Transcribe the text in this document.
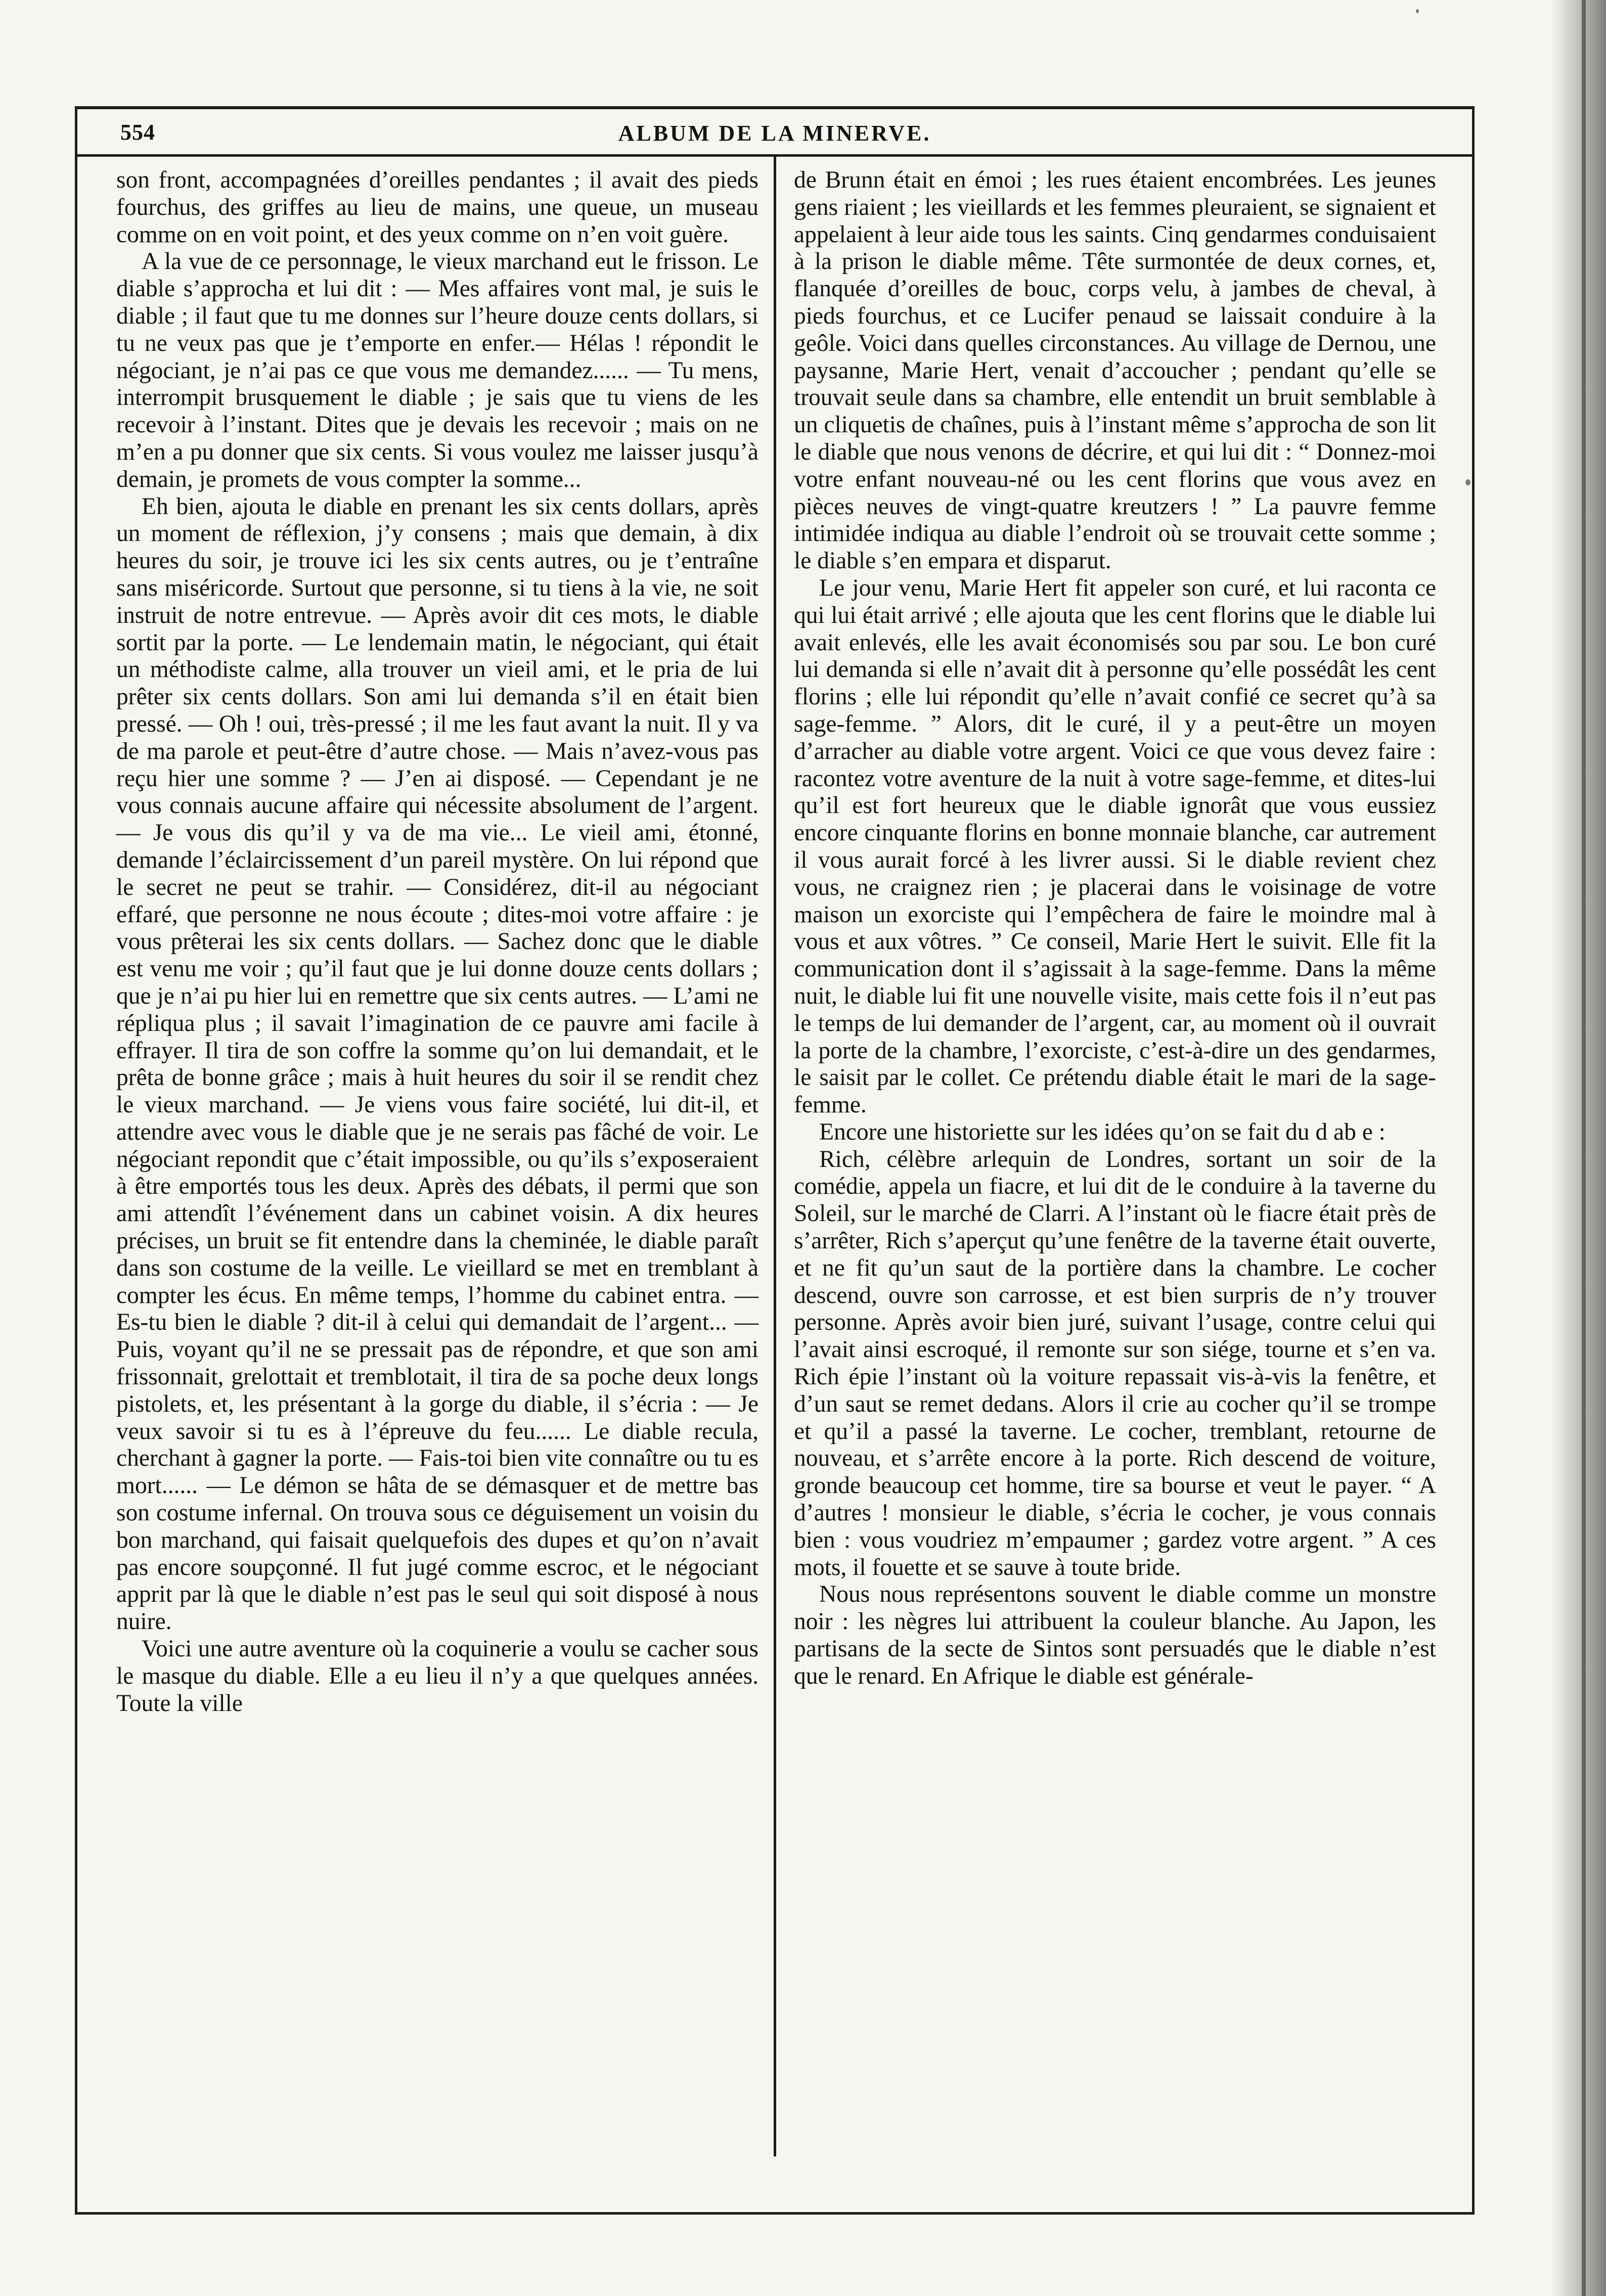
554	ALBUM DE LA MINERVE.

son front, accompagnées d’oreilles pendantes ; il avait des pieds fourchus, des griffes au lieu de mains, une queue, un museau comme on en voit point, et des yeux comme on n’en voit guère.

A la vue de ce personnage, le vieux marchand eut le frisson. Le diable s’approcha et lui dit : — Mes affaires vont mal, je suis le diable ; il faut que tu me donnes sur l’heure douze cents dollars, si tu ne veux pas que je t’emporte en enfer.— Hélas ! répondit le négociant, je n’ai pas ce que vous me demandez...... — Tu mens, interrompit brusquement le diable ; je sais que tu viens de les recevoir à l’instant. Dites que je devais les recevoir ; mais on ne m’en a pu donner que six cents. Si vous voulez me laisser jusqu’à demain, je promets de vous compter la somme...

Eh bien, ajouta le diable en prenant les six cents dollars, après un moment de réflexion, j’y consens ; mais que demain, à dix heures du soir, je trouve ici les six cents autres, ou je t’entraîne sans miséricorde. Surtout que personne, si tu tiens à la vie, ne soit instruit de notre entrevue. — Après avoir dit ces mots, le diable sortit par la porte. — Le lendemain matin, le négociant, qui était un méthodiste calme, alla trouver un vieil ami, et le pria de lui prêter six cents dollars. Son ami lui demanda s’il en était bien pressé. — Oh ! oui, très-pressé ; il me les faut avant la nuit. Il y va de ma parole et peut-être d’autre chose. — Mais n’avez-vous pas reçu hier une somme ? — J’en ai disposé. — Cependant je ne vous connais aucune affaire qui nécessite absolument de l’argent. — Je vous dis qu’il y va de ma vie... Le vieil ami, étonné, demande l’éclaircissement d’un pareil mystère. On lui répond que le secret ne peut se trahir. — Considérez, dit-il au négociant effaré, que personne ne nous écoute ; dites-moi votre affaire : je vous prêterai les six cents dollars. — Sachez donc que le diable est venu me voir ; qu’il faut que je lui donne douze cents dollars ; que je n’ai pu hier lui en remettre que six cents autres. — L’ami ne répliqua plus ; il savait l’imagination de ce pauvre ami facile à effrayer. Il tira de son coffre la somme qu’on lui demandait, et le prêta de bonne grâce ; mais à huit heures du soir il se rendit chez le vieux marchand. — Je viens vous faire société, lui dit-il, et attendre avec vous le diable que je ne serais pas fâché de voir. Le négociant repondit que c’était impossible, ou qu’ils s’exposeraient à être emportés tous les deux. Après des débats, il permi que son ami attendît l’événement dans un cabinet voisin. A dix heures précises, un bruit se fit entendre dans la cheminée, le diable paraît dans son costume de la veille. Le vieillard se met en tremblant à compter les écus. En même temps, l’homme du cabinet entra. — Es-tu bien le diable ? dit-il à celui qui demandait de l’argent... — Puis, voyant qu’il ne se pressait pas de répondre, et que son ami frissonnait, grelottait et tremblotait, il tira de sa poche deux longs pistolets, et, les présentant à la gorge du diable, il s’écria : — Je veux savoir si tu es à l’épreuve du feu...... Le diable recula, cherchant à gagner la porte. — Fais-toi bien vite connaître ou tu es mort...... — Le démon se hâta de se démasquer et de mettre bas son costume infernal. On trouva sous ce déguisement un voisin du bon marchand, qui faisait quelquefois des dupes et qu’on n’avait pas encore soupçonné. Il fut jugé comme escroc, et le négociant apprit par là que le diable n’est pas le seul qui soit disposé à nous nuire.

Voici une autre aventure où la coquinerie a voulu se cacher sous le masque du diable. Elle a eu lieu il n’y a que quelques années. Toute la ville

de Brunn était en émoi ; les rues étaient encombrées. Les jeunes gens riaient ; les vieillards et les femmes pleuraient, se signaient et appelaient à leur aide tous les saints. Cinq gendarmes conduisaient à la prison le diable même. Tête surmontée de deux cornes, et, flanquée d’oreilles de bouc, corps velu, à jambes de cheval, à pieds fourchus, et ce Lucifer penaud se laissait conduire à la geôle. Voici dans quelles circonstances. Au village de Dernou, une paysanne, Marie Hert, venait d’accoucher ; pendant qu’elle se trouvait seule dans sa chambre, elle entendit un bruit semblable à un cliquetis de chaînes, puis à l’instant même s’approcha de son lit le diable que nous venons de décrire, et qui lui dit : “ Donnez-moi votre enfant nouveau-né ou les cent florins que vous avez en pièces neuves de vingt-quatre kreutzers ! ” La pauvre femme intimidée indiqua au diable l’endroit où se trouvait cette somme ; le diable s’en empara et disparut.

Le jour venu, Marie Hert fit appeler son curé, et lui raconta ce qui lui était arrivé ; elle ajouta que les cent florins que le diable lui avait enlevés, elle les avait économisés sou par sou. Le bon curé lui demanda si elle n’avait dit à personne qu’elle possédât les cent florins ; elle lui répondit qu’elle n’avait confié ce secret qu’à sa sage-femme. ” Alors, dit le curé, il y a peut-être un moyen d’arracher au diable votre argent. Voici ce que vous devez faire : racontez votre aventure de la nuit à votre sage-femme, et dites-lui qu’il est fort heureux que le diable ignorât que vous eussiez encore cinquante florins en bonne monnaie blanche, car autrement il vous aurait forcé à les livrer aussi. Si le diable revient chez vous, ne craignez rien ; je placerai dans le voisinage de votre maison un exorciste qui l’empêchera de faire le moindre mal à vous et aux vôtres. ” Ce conseil, Marie Hert le suivit. Elle fit la communication dont il s’agissait à la sage-femme. Dans la même nuit, le diable lui fit une nouvelle visite, mais cette fois il n’eut pas le temps de lui demander de l’argent, car, au moment où il ouvrait la porte de la chambre, l’exorciste, c’est-à-dire un des gendarmes, le saisit par le collet. Ce prétendu diable était le mari de la sage-femme.

Encore une historiette sur les idées qu’on se fait du d ab e :

Rich, célèbre arlequin de Londres, sortant un soir de la comédie, appela un fiacre, et lui dit de le conduire à la taverne du Soleil, sur le marché de Clarri. A l’instant où le fiacre était près de s’arrêter, Rich s’aperçut qu’une fenêtre de la taverne était ouverte, et ne fit qu’un saut de la portière dans la chambre. Le cocher descend, ouvre son carrosse, et est bien surpris de n’y trouver personne. Après avoir bien juré, suivant l’usage, contre celui qui l’avait ainsi escroqué, il remonte sur son siége, tourne et s’en va. Rich épie l’instant où la voiture repassait vis-à-vis la fenêtre, et d’un saut se remet dedans. Alors il crie au cocher qu’il se trompe et qu’il a passé la taverne. Le cocher, tremblant, retourne de nouveau, et s’arrête encore à la porte. Rich descend de voiture, gronde beaucoup cet homme, tire sa bourse et veut le payer. “ A d’autres ! monsieur le diable, s’écria le cocher, je vous connais bien : vous voudriez m’empaumer ; gardez votre argent. ” A ces mots, il fouette et se sauve à toute bride.

Nous nous représentons souvent le diable comme un monstre noir : les nègres lui attribuent la couleur blanche. Au Japon, les partisans de la secte de Sintos sont persuadés que le diable n’est que le renard. En Afrique le diable est générale-
